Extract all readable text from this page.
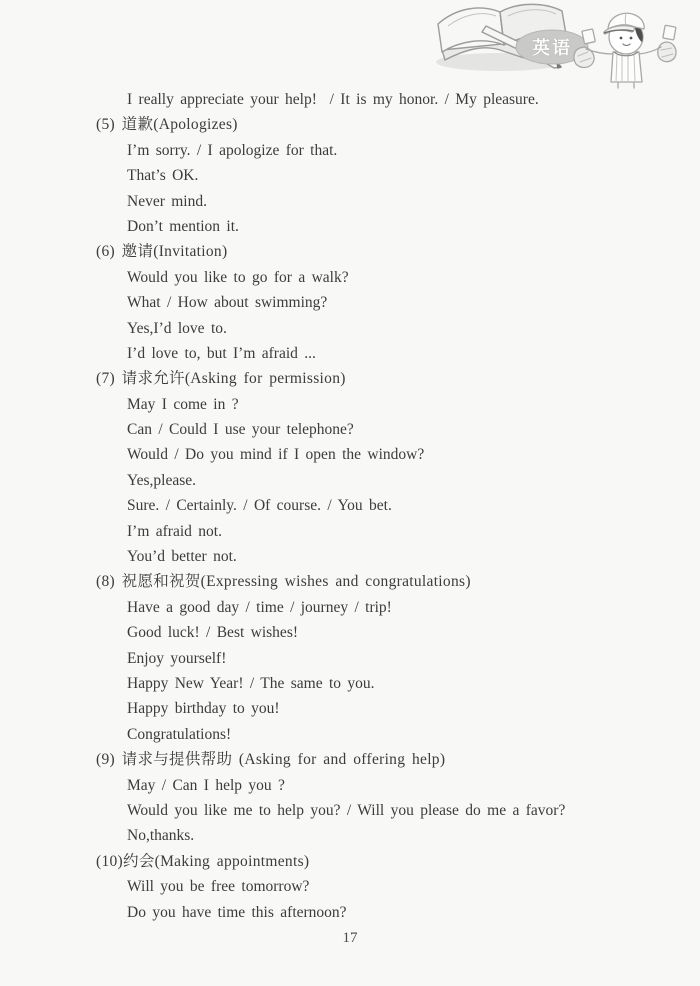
英语
I really appreciate your help!  / It is my honor. / My pleasure.
(5) 道歉(Apologizes)
I’m sorry. / I apologize for that.
That’s OK.
Never mind.
Don’t mention it.
(6) 邀请(Invitation)
Would you like to go for a walk?
What / How about swimming?
Yes,I’d love to.
I’d love to, but I’m afraid ...
(7) 请求允许(Asking for permission)
May I come in ?
Can / Could I use your telephone?
Would / Do you mind if I open the window?
Yes,please.
Sure. / Certainly. / Of course. / You bet.
I’m afraid not.
You’d better not.
(8) 祝愿和祝贺(Expressing wishes and congratulations)
Have a good day / time / journey / trip!
Good luck! / Best wishes!
Enjoy yourself!
Happy New Year! / The same to you.
Happy birthday to you!
Congratulations!
(9) 请求与提供帮助 (Asking for and offering help)
May / Can I help you ?
Would you like me to help you? / Will you please do me a favor?
No,thanks.
(10)约会(Making appointments)
Will you be free tomorrow?
Do you have time this afternoon?
17
